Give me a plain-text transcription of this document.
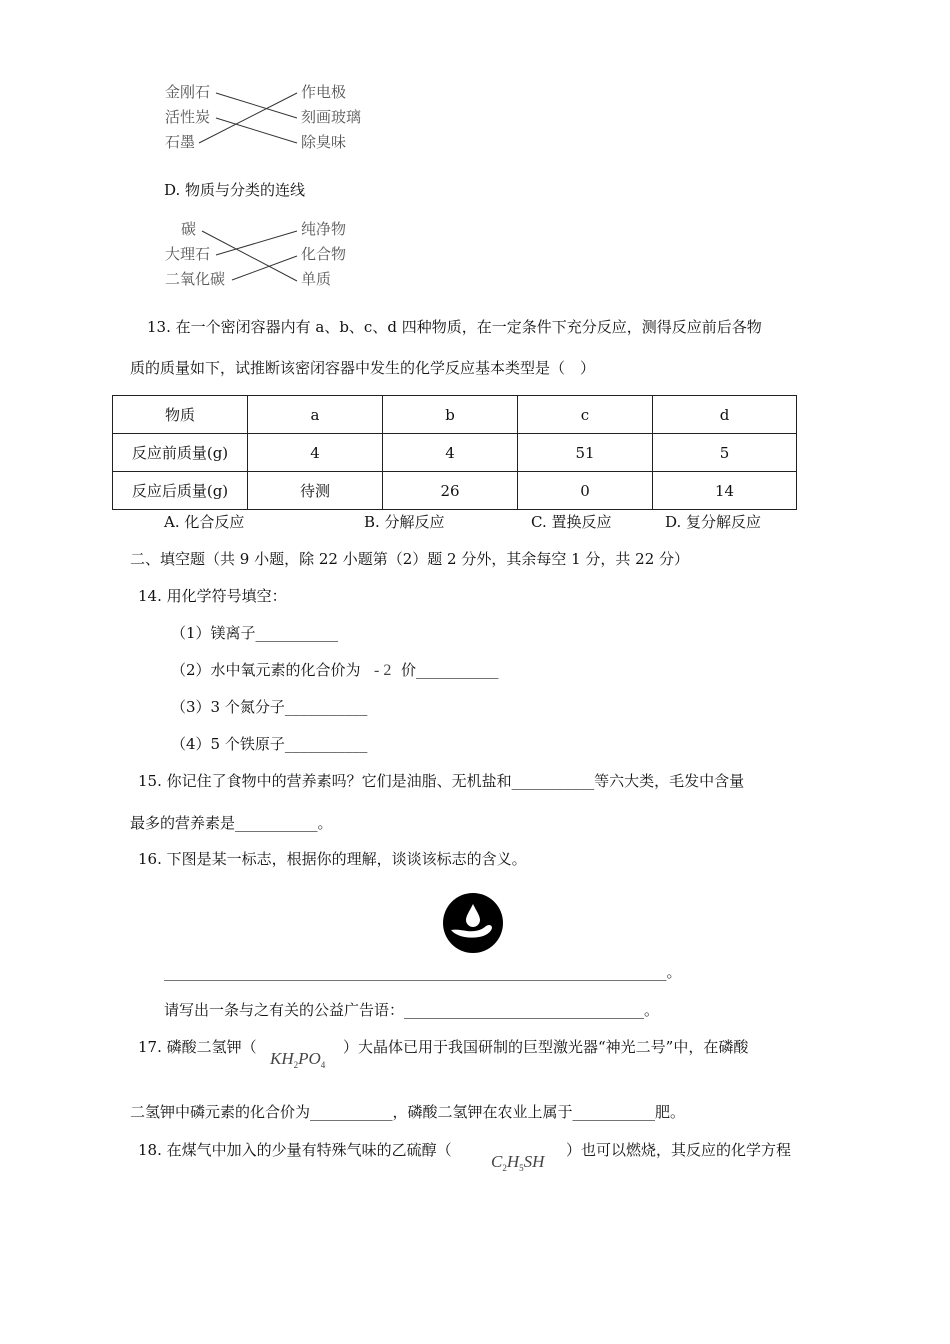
金刚石
活性炭
石墨
作电极
刻画玻璃
除臭味
D. 物质与分类的连线
碳
大理石
二氧化碳
纯净物
化合物
单质
13. 在一个密闭容器内有 a、b、c、d 四种物质，在一定条件下充分反应，测得反应前后各物
质的质量如下，试推断该密闭容器中发生的化学反应基本类型是（　）
物质	a	b	c	d
反应前质量(g)	4	4	51	5
反应后质量(g)	待测	26	0	14
A. 化合反应	B. 分解反应	C. 置换反应	D. 复分解反应
二、填空题（共 9 小题，除 22 小题第（2）题 2 分外，其余每空 1 分，共 22 分）
14. 用化学符号填空：
（1）镁离子___________
（2）水中氧元素的化合价为 - 2 价___________
（3）3 个氮分子___________
（4）5 个铁原子___________
15. 你记住了食物中的营养素吗？它们是油脂、无机盐和___________等六大类，毛发中含量
最多的营养素是___________。
16. 下图是某一标志，根据你的理解，谈谈该标志的含义。
___________________________________________________________________。
请写出一条与之有关的公益广告语：________________________________。
17. 磷酸二氢钾（
$KH_2PO_4$
）大晶体已用于我国研制的巨型激光器“神光二号”中，在磷酸
二氢钾中磷元素的化合价为___________，磷酸二氢钾在农业上属于___________肥。
18. 在煤气中加入的少量有特殊气味的乙硫醇（
$C_2H_5SH$
）也可以燃烧，其反应的化学方程
